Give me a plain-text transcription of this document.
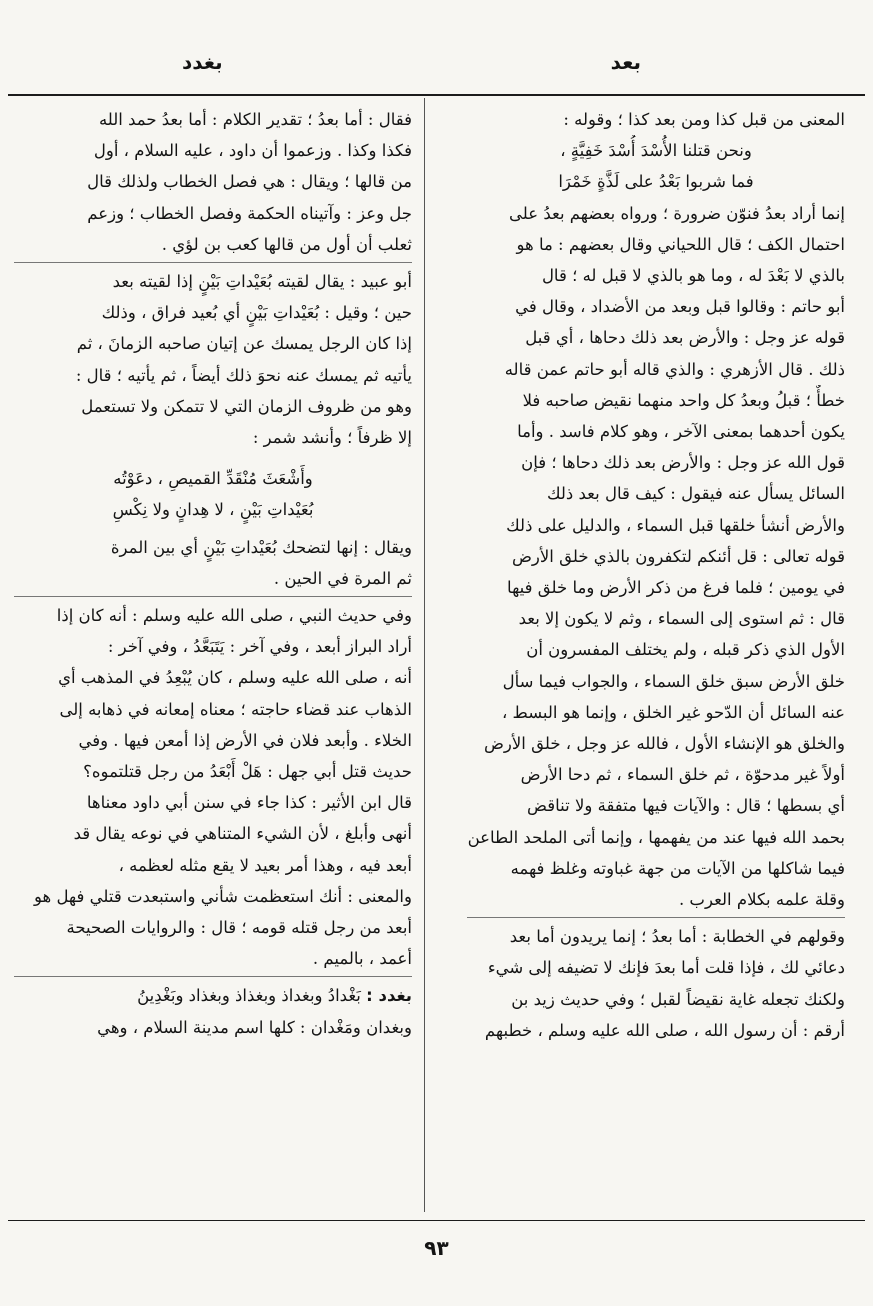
بعد
بغدد
المعنى من قبل كذا ومن بعد كذا ؛ وقوله :
ونحن قتلنا الأُسْدَ أُسْدَ خَفِيَّةٍ ،
فما شربوا بَعْدُ على لَذَّةٍ خَمْرَا
إنما أراد بعدُ فنوّن ضرورة ؛ ورواه بعضهم بعدُ على
احتمال الكف ؛ قال اللحياني وقال بعضهم : ما هو
بالذي لا بَعْدَ له ، وما هو بالذي لا قبل له ؛ قال
أبو حاتم : وقالوا قبل وبعد من الأضداد ، وقال في
قوله عز وجل : والأرض بعد ذلك دحاها ، أي قبل
ذلك . قال الأزهري : والذي قاله أبو حاتم عمن قاله
خطأٌ ؛ قبلُ وبعدُ كل واحد منهما نقيض صاحبه فلا
يكون أحدهما بمعنى الآخر ، وهو كلام فاسد . وأما
قول الله عز وجل : والأرض بعد ذلك دحاها ؛ فإن
السائل يسأل عنه فيقول : كيف قال بعد ذلك
والأرض أنشأ خلقها قبل السماء ، والدليل على ذلك
قوله تعالى : قل أئنكم لتكفرون بالذي خلق الأرض
في يومين ؛ فلما فرغ من ذكر الأرض وما خلق فيها
قال : ثم استوى إلى السماء ، وثم لا يكون إلا بعد
الأول الذي ذكر قبله ، ولم يختلف المفسرون أن
خلق الأرض سبق خلق السماء ، والجواب فيما سأل
عنه السائل أن الدّحو غير الخلق ، وإنما هو البسط ،
والخلق هو الإنشاء الأول ، فالله عز وجل ، خلق الأرض
أولاً غير مدحوّة ، ثم خلق السماء ، ثم دحا الأرض
أي بسطها ؛ قال : والآيات فيها متفقة ولا تناقض
بحمد الله فيها عند من يفهمها ، وإنما أتى الملحد الطاعن
فيما شاكلها من الآيات من جهة غباوته وغلظ فهمه
وقلة علمه بكلام العرب .
وقولهم في الخطابة : أما بعدُ ؛ إنما يريدون أما بعد
دعائي لك ، فإذا قلت أما بعدَ فإنك لا تضيفه إلى شيء
ولكنك تجعله غاية نقيضاً لقبل ؛ وفي حديث زيد بن
أرقم : أن رسول الله ، صلى الله عليه وسلم ، خطبهم
فقال : أما بعدُ ؛ تقدير الكلام : أما بعدُ حمد الله
فكذا وكذا . وزعموا أن داود ، عليه السلام ، أول
من قالها ؛ ويقال : هي فصل الخطاب ولذلك قال
جل وعز : وآتيناه الحكمة وفصل الخطاب ؛ وزعم
ثعلب أن أول من قالها كعب بن لؤي .
أبو عبيد : يقال لقيته بُعَيْداتِ بَيْنٍ إذا لقيته بعد
حين ؛ وقيل : بُعَيْداتِ بَيْنٍ أي بُعيد فراق ، وذلك
إذا كان الرجل يمسك عن إتيان صاحبه الزمانَ ، ثم
يأتيه ثم يمسك عنه نحوَ ذلك أيضاً ، ثم يأتيه ؛ قال :
وهو من ظروف الزمان التي لا تتمكن ولا تستعمل
إلا ظرفاً ؛ وأنشد شمر :
وأَشْعَثَ مُنْقَدِّ القميصِ ، دعَوْتُه
بُعَيْداتِ بَيْنٍ ، لا هِدانٍ ولا نِكْسِ
ويقال : إنها لتضحك بُعَيْداتِ بَيْنٍ أي بين المرة
ثم المرة في الحين .
وفي حديث النبي ، صلى الله عليه وسلم : أنه كان إذا
أراد البراز أبعد ، وفي آخر : يَتَبَعَّدُ ، وفي آخر :
أنه ، صلى الله عليه وسلم ، كان يُبْعِدُ في المذهب أي
الذهاب عند قضاء حاجته ؛ معناه إمعانه في ذهابه إلى
الخلاء . وأبعد فلان في الأرض إذا أمعن فيها . وفي
حديث قتل أبي جهل : هَلْ أَبْعَدُ من رجل قتلتموه؟
قال ابن الأثير : كذا جاء في سنن أبي داود معناها
أنهى وأبلغ ، لأن الشيء المتناهي في نوعه يقال قد
أبعد فيه ، وهذا أمر بعيد لا يقع مثله لعظمه ،
والمعنى : أنك استعظمت شأني واستبعدت قتلي فهل هو
أبعد من رجل قتله قومه ؛ قال : والروايات الصحيحة
أعمد ، بالميم .
بغدد : بَغْدادُ وبغداذ وبغذاذ وبغذاد وبَغْدِينُ
وبغدان ومَغْدان : كلها اسم مدينة السلام ، وهي
٩٣
